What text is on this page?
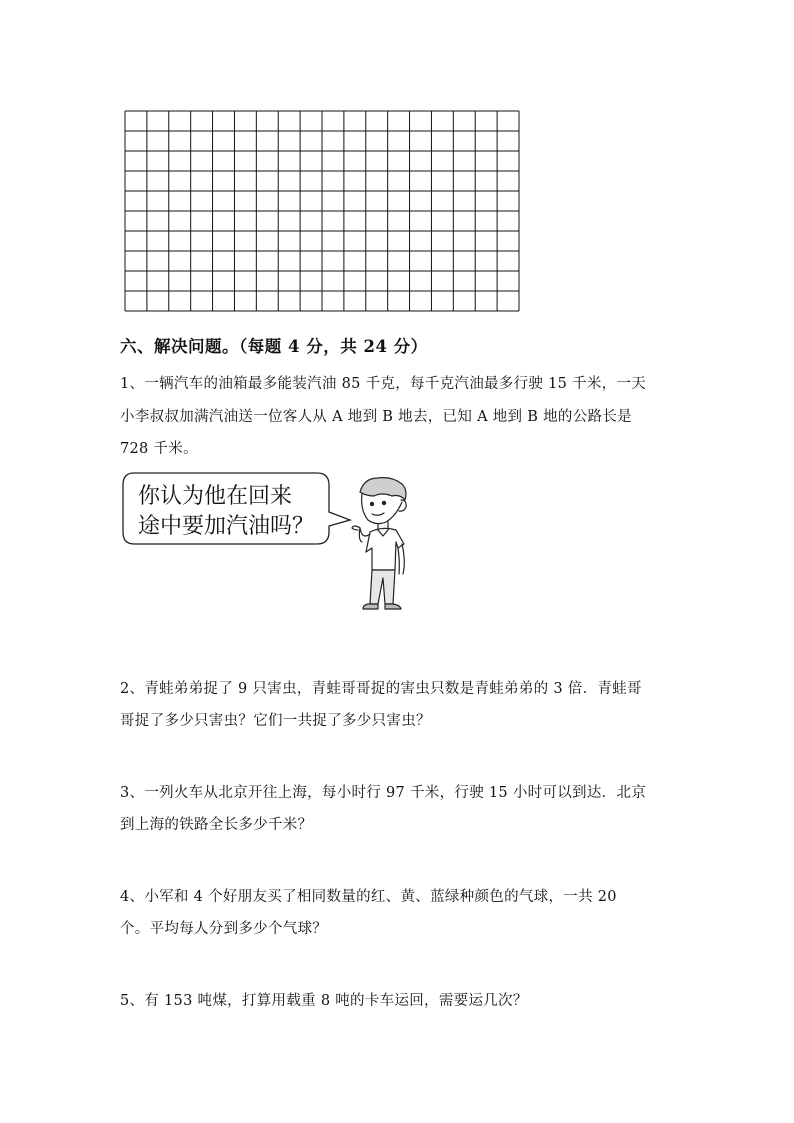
六、解决问题。（每题 4 分，共 24 分）
1、一辆汽车的油箱最多能装汽油 85 千克，每千克汽油最多行驶 15 千米，一天
小李叔叔加满汽油送一位客人从 A 地到 B 地去，已知 A 地到 B 地的公路长是
728 千米。
你认为他在回来
途中要加汽油吗？
2、青蛙弟弟捉了 9 只害虫，青蛙哥哥捉的害虫只数是青蛙弟弟的 3 倍．青蛙哥
哥捉了多少只害虫？它们一共捉了多少只害虫？
3、一列火车从北京开往上海，每小时行 97 千米，行驶 15 小时可以到达．北京
到上海的铁路全长多少千米？
4、小军和 4 个好朋友买了相同数量的红、黄、蓝绿种颜色的气球，一共 20
个。平均每人分到多少个气球？
5、有 153 吨煤，打算用载重 8 吨的卡车运回，需要运几次？
